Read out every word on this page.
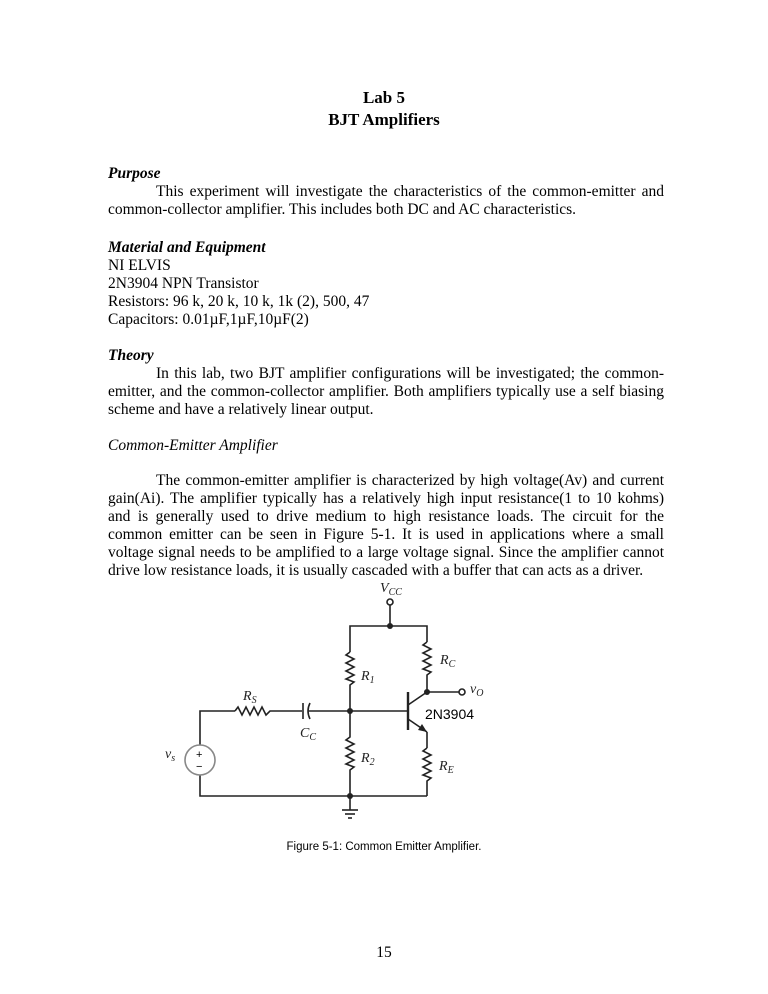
Lab 5
BJT Amplifiers
Purpose
This experiment will investigate the characteristics of the common-emitter and common-collector amplifier. This includes both DC and AC characteristics.
Material and Equipment
NI ELVIS
2N3904 NPN Transistor
Resistors: 96 k, 20 k, 10 k, 1k (2), 500, 47
Capacitors: 0.01µF,1µF,10µF(2)
Theory
In this lab, two BJT amplifier configurations will be investigated; the common-emitter, and the common-collector amplifier. Both amplifiers typically use a self biasing scheme and have a relatively linear output.
Common-Emitter Amplifier
The common-emitter amplifier is characterized by high voltage(Av) and current gain(Ai). The amplifier typically has a relatively high input resistance(1 to 10 kohms) and is generally used to drive medium to high resistance loads. The circuit for the common emitter can be seen in Figure 5-1. It is used in applications where a small voltage signal needs to be amplified to a large voltage signal. Since the amplifier cannot drive low resistance loads, it is usually cascaded with a buffer that can acts as a driver.
$V_{CC}$
$R_1$
$R_C$
$R_S$
$C_C$
$R_2$	$R_E$
$v_s$
$v_O$
2N3904
+
−
Figure 5-1: Common Emitter Amplifier.
15
